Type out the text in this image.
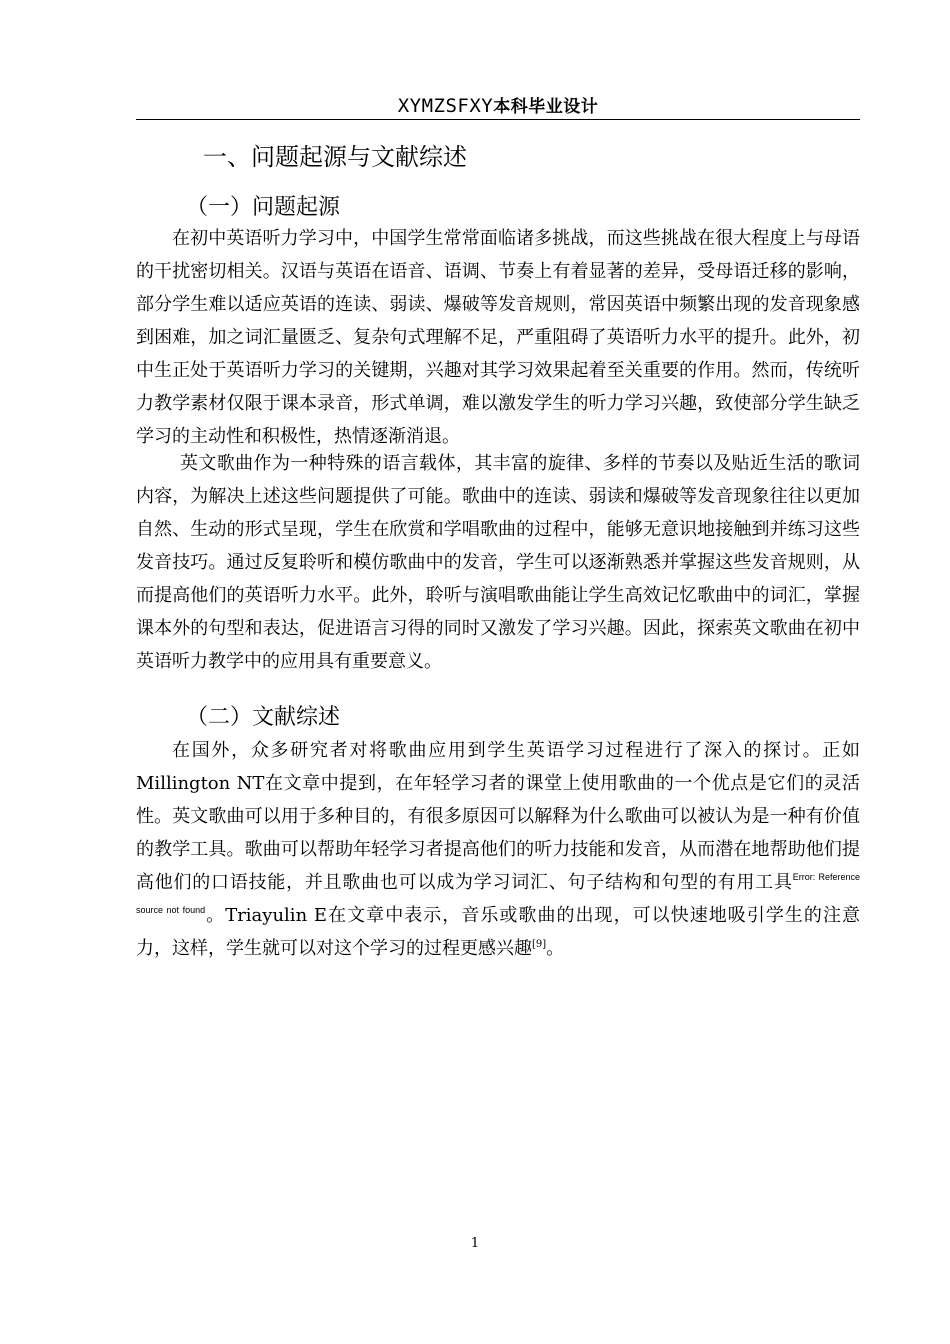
XYMZSFXY本科毕业设计
一、问题起源与文献综述
（一）问题起源

在初中英语听力学习中，中国学生常常面临诸多挑战，而这些挑战在很大程度上与母语的干扰密切相关。汉语与英语在语音、语调、节奏上有着显著的差异，受母语迁移的影响，部分学生难以适应英语的连读、弱读、爆破等发音规则，常因英语中频繁出现的发音现象感到困难，加之词汇量匮乏、复杂句式理解不足，严重阻碍了英语听力水平的提升。此外，初中生正处于英语听力学习的关键期，兴趣对其学习效果起着至关重要的作用。然而，传统听力教学素材仅限于课本录音，形式单调，难以激发学生的听力学习兴趣，致使部分学生缺乏学习的主动性和积极性，热情逐渐消退。

英文歌曲作为一种特殊的语言载体，其丰富的旋律、多样的节奏以及贴近生活的歌词内容，为解决上述这些问题提供了可能。歌曲中的连读、弱读和爆破等发音现象往往以更加自然、生动的形式呈现，学生在欣赏和学唱歌曲的过程中，能够无意识地接触到并练习这些发音技巧。通过反复聆听和模仿歌曲中的发音，学生可以逐渐熟悉并掌握这些发音规则，从而提高他们的英语听力水平。此外，聆听与演唱歌曲能让学生高效记忆歌曲中的词汇，掌握课本外的句型和表达，促进语言习得的同时又激发了学习兴趣。因此，探索英文歌曲在初中英语听力教学中的应用具有重要意义。

（二）文献综述

在国外，众多研究者对将歌曲应用到学生英语学习过程进行了深入的探讨。正如Millington NT在文章中提到，在年轻学习者的课堂上使用歌曲的一个优点是它们的灵活性。英文歌曲可以用于多种目的，有很多原因可以解释为什么歌曲可以被认为是一种有价值的教学工具。歌曲可以帮助年轻学习者提高他们的听力技能和发音，从而潜在地帮助他们提高他们的口语技能，并且歌曲也可以成为学习词汇、句子结构和句型的有用工具$^{Error: Reference source not found}$。Triayulin E在文章中表示，音乐或歌曲的出现，可以快速地吸引学生的注意力，这样，学生就可以对这个学习的过程更感兴趣[9]。

1
